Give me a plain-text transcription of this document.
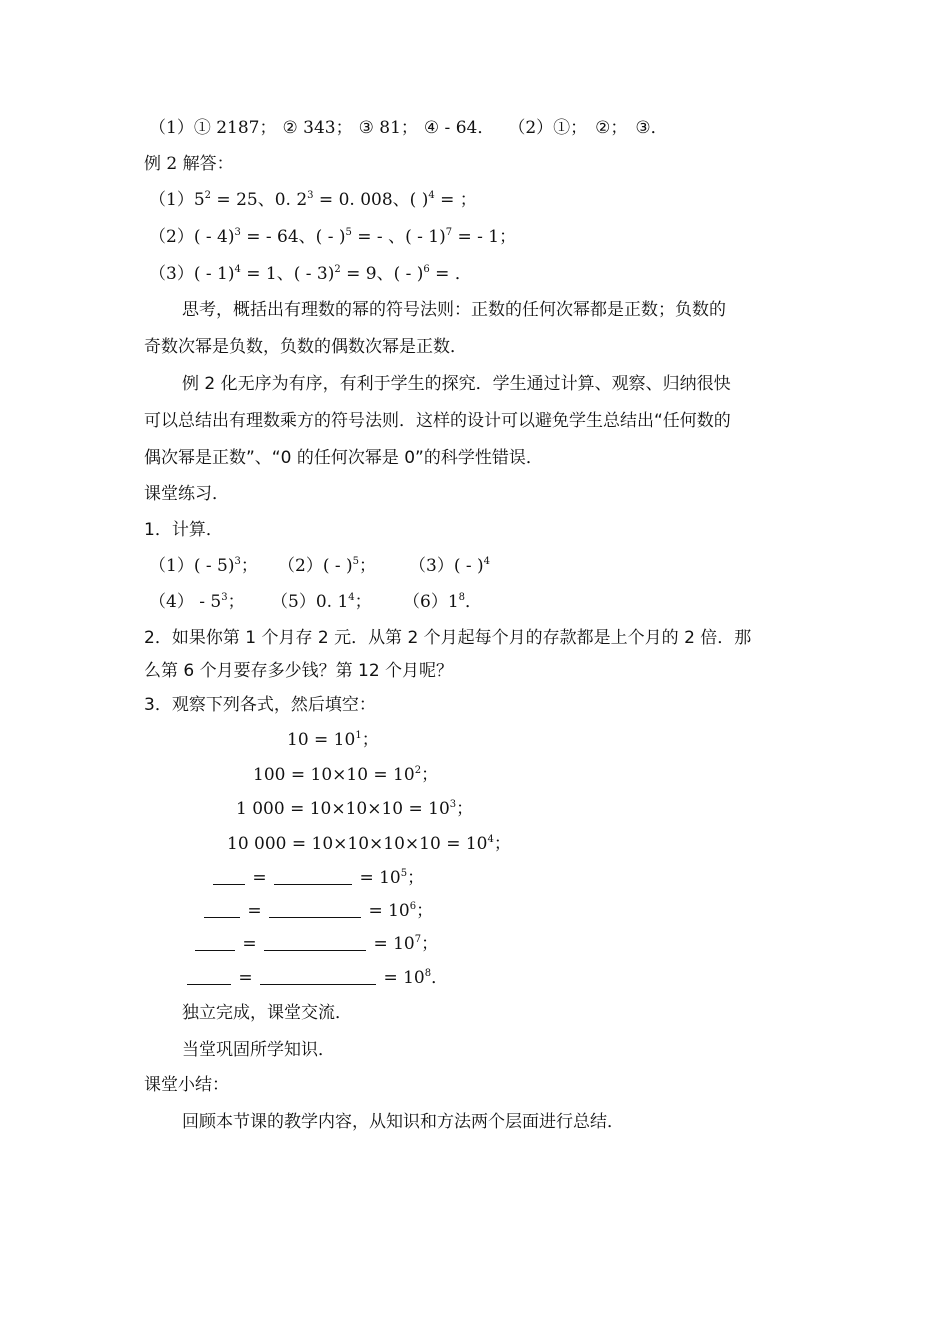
（1）① 2187； ② 343； ③ 81； ④ - 64． （2）①； ②； ③．
例 2 解答：
$(1)5^2 = 25$、0. $2^3 = 0$. 008、( )$^4$ = ；
（2）( - 4)$^3$ = - 64、( - )$^5$ = - 、( - 1)$^7$ = - 1；
（3）( - 1)$^4$ = 1、( - 3)$^2$ = 9、( - )$^6$ = ．
思考，概括出有理数的幂的符号法则：正数的任何次幂都是正数；负数的
奇数次幂是负数，负数的偶数次幂是正数．
例 2 化无序为有序，有利于学生的探究．学生通过计算、观察、归纳很快
可以总结出有理数乘方的符号法则．这样的设计可以避免学生总结出“任何数的
偶次幂是正数”、“0 的任何次幂是 0”的科学性错误．
课堂练习．
1．计算．
（1）( - 5)$^3$； $(2)( - )^5$； $(3)( - )^4$
$(4) - 5^3$； （5）0. $1^4$； $(6)1^8$．
2．如果你第 1 个月存 2 元．从第 2 个月起每个月的存款都是上个月的 2 倍．那
么第 6 个月要存多少钱？第 12 个月呢？
3．观察下列各式，然后填空：
$10 = 10^1$；
$100 = 10\times 10 = 10^2$；
1 $000 = 10\times 10\times 10 = 10^3$；
10 $000 = 10\times 10\times 10\times 10 = 10^4$；
=	= $10^5$；
=	= $10^6$；
=	= $10^7$；
=	= $10^8$．
独立完成，课堂交流．
当堂巩固所学知识．
课堂小结：
回顾本节课的教学内容，从知识和方法两个层面进行总结．
